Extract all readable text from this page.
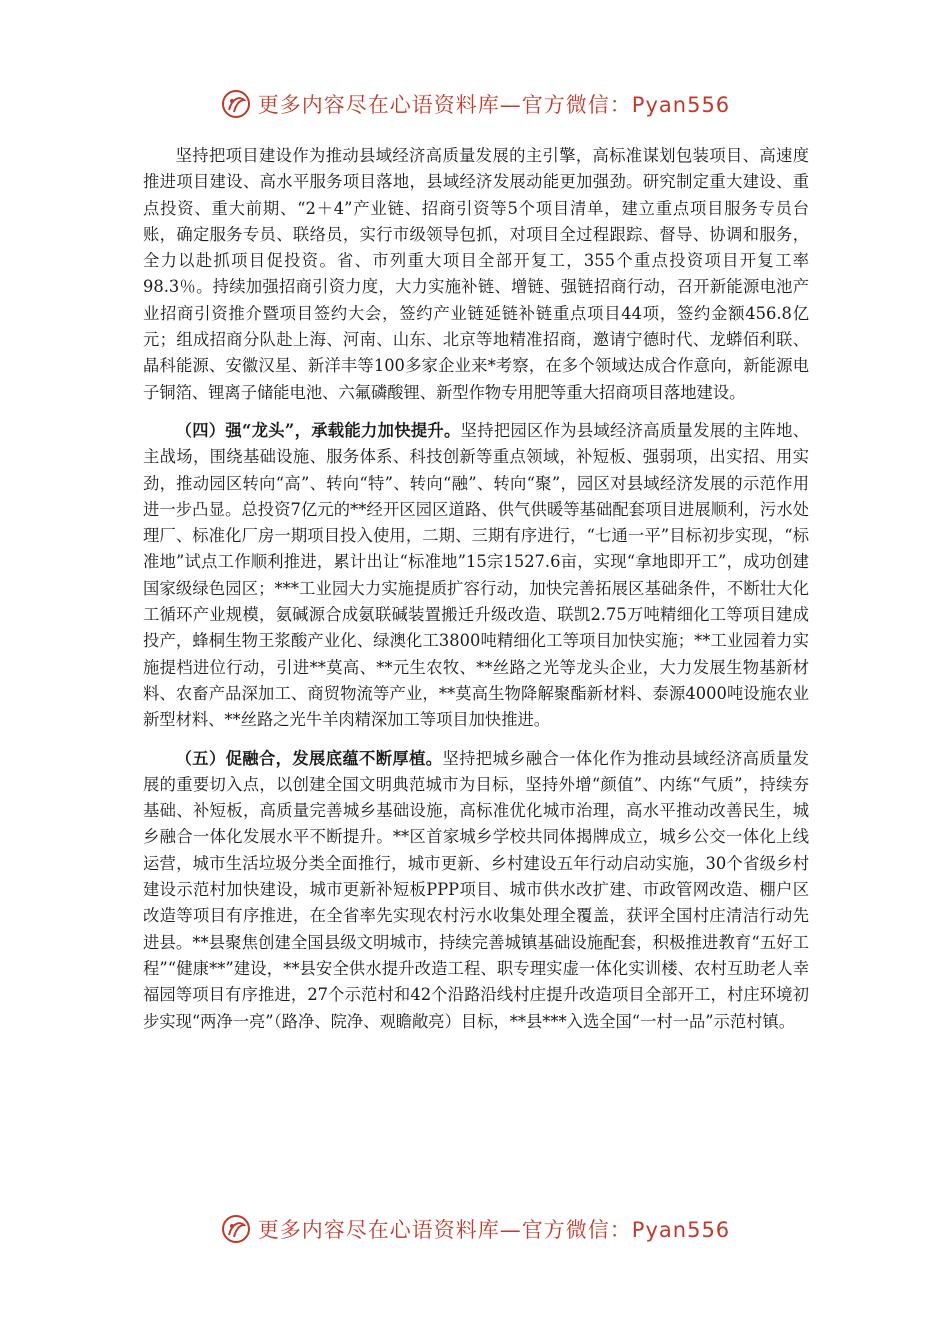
更多内容尽在心语资料库—官方微信：Pyan556

坚持把项目建设作为推动县域经济高质量发展的主引擎，高标准谋划包装项目、高速度推进项目建设、高水平服务项目落地，县域经济发展动能更加强劲。研究制定重大建设、重点投资、重大前期、“2＋4”产业链、招商引资等5个项目清单，建立重点项目服务专员台账，确定服务专员、联络员，实行市级领导包抓，对项目全过程跟踪、督导、协调和服务，全力以赴抓项目促投资。省、市列重大项目全部开复工，355个重点投资项目开复工率98.3％。持续加强招商引资力度，大力实施补链、增链、强链招商行动，召开新能源电池产业招商引资推介暨项目签约大会，签约产业链延链补链重点项目44项，签约金额456.8亿元；组成招商分队赴上海、河南、山东、北京等地精准招商，邀请宁德时代、龙蟒佰利联、晶科能源、安徽汉星、新洋丰等100多家企业来*考察，在多个领域达成合作意向，新能源电子铜箔、锂离子储能电池、六氟磷酸锂、新型作物专用肥等重大招商项目落地建设。

（四）强“龙头”，承载能力加快提升。坚持把园区作为县域经济高质量发展的主阵地、主战场，围绕基础设施、服务体系、科技创新等重点领域，补短板、强弱项，出实招、用实劲，推动园区转向“高”、转向“特”、转向“融”、转向“聚”，园区对县域经济发展的示范作用进一步凸显。总投资7亿元的**经开区园区道路、供气供暖等基础配套项目进展顺利，污水处理厂、标准化厂房一期项目投入使用，二期、三期有序进行，“七通一平”目标初步实现，“标准地”试点工作顺利推进，累计出让“标准地”15宗1527.6亩，实现“拿地即开工”，成功创建国家级绿色园区；***工业园大力实施提质扩容行动，加快完善拓展区基础条件，不断壮大化工循环产业规模，氨碱源合成氨联碱装置搬迁升级改造、联凯2.75万吨精细化工等项目建成投产，蜂桐生物王浆酸产业化、绿澳化工3800吨精细化工等项目加快实施；**工业园着力实施提档进位行动，引进**莫高、**元生农牧、**丝路之光等龙头企业，大力发展生物基新材料、农畜产品深加工、商贸物流等产业，**莫高生物降解聚酯新材料、泰源4000吨设施农业新型材料、**丝路之光牛羊肉精深加工等项目加快推进。

（五）促融合，发展底蕴不断厚植。坚持把城乡融合一体化作为推动县域经济高质量发展的重要切入点，以创建全国文明典范城市为目标，坚持外增“颜值”、内练“气质”，持续夯基础、补短板，高质量完善城乡基础设施，高标准优化城市治理，高水平推动改善民生，城乡融合一体化发展水平不断提升。**区首家城乡学校共同体揭牌成立，城乡公交一体化上线运营，城市生活垃圾分类全面推行，城市更新、乡村建设五年行动启动实施，30个省级乡村建设示范村加快建设，城市更新补短板PPP项目、城市供水改扩建、市政管网改造、棚户区改造等项目有序推进，在全省率先实现农村污水收集处理全覆盖，获评全国村庄清洁行动先进县。**县聚焦创建全国县级文明城市，持续完善城镇基础设施配套，积极推进教育“五好工程”“健康**”建设，**县安全供水提升改造工程、职专理实虚一体化实训楼、农村互助老人幸福园等项目有序推进，27个示范村和42个沿路沿线村庄提升改造项目全部开工，村庄环境初步实现“两净一亮”（路净、院净、观瞻敞亮）目标，**县***入选全国“一村一品”示范村镇。

更多内容尽在心语资料库—官方微信：Pyan556
